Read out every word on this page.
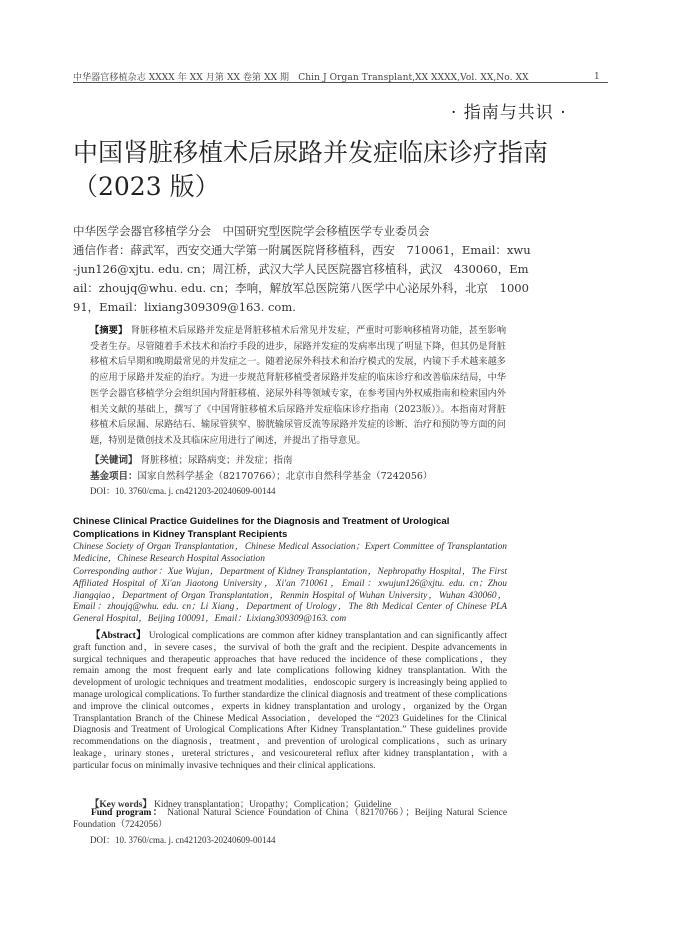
中华器官移植杂志 XXXX 年 XX 月第 XX 卷第 XX 期　Chin J Organ Transplant,XX XXXX,Vol. XX,No. XX	1
· 指南与共识 ·
中国肾脏移植术后尿路并发症临床诊疗指南（2023 版）
中华医学会器官移植学分会　中国研究型医院学会移植医学专业委员会
通信作者：薛武军，西安交通大学第一附属医院肾移植科，西安　710061，Email：xwu-jun126@xjtu. edu. cn；周江桥，武汉大学人民医院器官移植科，武汉　430060，Email：zhoujq@whu. edu. cn；李响，解放军总医院第八医学中心泌尿外科，北京　100091，Email：lixiang309309@163. com.
【摘要】 肾脏移植术后尿路并发症是肾脏移植术后常见并发症，严重时可影响移植肾功能，甚至影响受者生存。尽管随着手术技术和治疗手段的进步，尿路并发症的发病率出现了明显下降，但其仍是肾脏移植术后早期和晚期最常见的并发症之一。随着泌尿外科技术和治疗模式的发展，内镜下手术越来越多的应用于尿路并发症的治疗。为进一步规范肾脏移植受者尿路并发症的临床诊疗和改善临床结局，中华医学会器官移植学分会组织国内肾脏移植、泌尿外科等领域专家，在参考国内外权威指南和检索国内外相关文献的基础上，撰写了《中国肾脏移植术后尿路并发症临床诊疗指南（2023版）》。本指南对肾脏移植术后尿漏、尿路结石、输尿管狭窄、膀胱输尿管反流等尿路并发症的诊断、治疗和预防等方面的问题，特别是微创技术及其临床应用进行了阐述，并提出了指导意见。
【关键词】 肾脏移植；尿路病变；并发症；指南
基金项目：国家自然科学基金（82170766）；北京市自然科学基金（7242056）
DOI：10. 3760/cma. j. cn421203-20240609-00144
Chinese Clinical Practice Guidelines for the Diagnosis and Treatment of Urological Complications in Kidney Transplant Recipients
Chinese Society of Organ Transplantation，Chinese Medical Association；Expert Committee of Transplantation Medicine，Chinese Research Hospital Association
Corresponding author：Xue Wujun，Department of Kidney Transplantation，Nephropathy Hospital，The First Affiliated Hospital of Xi'an Jiaotong University，Xi'an 710061，Email：xwujun126@xjtu. edu. cn；Zhou Jiangqiao，Department of Organ Transplantation，Renmin Hospital of Wuhan University，Wuhan 430060，Email：zhoujq@whu. edu. cn；Li Xiang，Department of Urology，The 8th Medical Center of Chinese PLA General Hospital，Beijing 100091，Email：Lixiang309309@163. com
【Abstract】 Urological complications are common after kidney transplantation and can significantly affect graft function and，in severe cases，the survival of both the graft and the recipient. Despite advancements in surgical techniques and therapeutic approaches that have reduced the incidence of these complications，they remain among the most frequent early and late complications following kidney transplantation. With the development of urologic techniques and treatment modalities，endoscopic surgery is increasingly being applied to manage urological complications. To further standardize the clinical diagnosis and treatment of these complications and improve the clinical outcomes，experts in kidney transplantation and urology，organized by the Organ Transplantation Branch of the Chinese Medical Association，developed the “2023 Guidelines for the Clinical Diagnosis and Treatment of Urological Complications After Kidney Transplantation.” These guidelines provide recommendations on the diagnosis，treatment，and prevention of urological complications，such as urinary leakage，urinary stones，ureteral strictures，and vesicoureteral reflux after kidney transplantation，with a particular focus on minimally invasive techniques and their clinical applications.
【Key words】 Kidney transplantation；Uropathy；Complication；Guideline
Fund program： National Natural Science Foundation of China（82170766）；Beijing Natural Science Foundation（7242056）
DOI：10. 3760/cma. j. cn421203-20240609-00144
